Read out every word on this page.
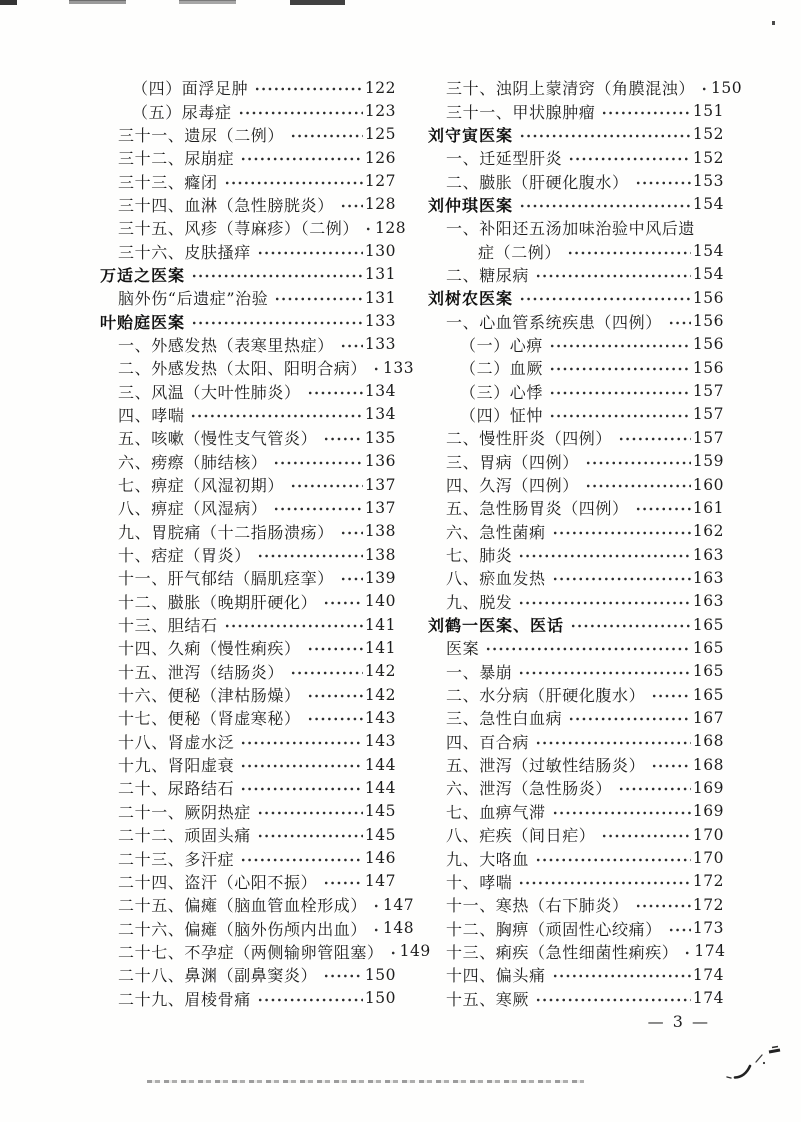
（四）面浮足肿	122
（五）尿毒症	123
三十一、遗尿（二例）	125
三十二、尿崩症	126
三十三、癃闭	127
三十四、血淋（急性膀胱炎） 128
三十五、风疹（荨麻疹）（二例） 128
三十六、皮肤搔痒	130
万适之医案	131
脑外伤“后遗症”治验	131
叶贻庭医案	133
一、外感发热（表寒里热症） 133
二、外感发热（太阳、阳明合病） 133
三、风温（大叶性肺炎）	134
四、哮喘	134
五、咳嗽（慢性支气管炎）	135
六、痨瘵（肺结核）	136
七、痹症（风湿初期）	137
八、痹症（风湿病）	137
九、胃脘痛（十二指肠溃疡） 138
十、痞症（胃炎）	138
十一、肝气郁结（膈肌痉挛） 139
十二、臌胀（晚期肝硬化）	140
十三、胆结石	141
十四、久痢（慢性痢疾）	141
十五、泄泻（结肠炎）	142
十六、便秘（津枯肠燥）	142
十七、便秘（肾虚寒秘）	143
十八、肾虚水泛	143
十九、肾阳虚衰	144
二十、尿路结石	144
二十一、厥阴热症	145
二十二、顽固头痛	145
二十三、多汗症	146
二十四、盗汗（心阳不振）	147
二十五、偏瘫（脑血管血栓形成） 147
二十六、偏瘫（脑外伤颅内出血） 148
二十七、不孕症（两侧输卵管阻塞） 149
二十八、鼻渊（副鼻窦炎）	150
二十九、眉棱骨痛	150
三十、浊阴上蒙清窍（角膜混浊） 150
三十一、甲状腺肿瘤	151
刘守寅医案	152
一、迁延型肝炎	152
二、臌胀（肝硬化腹水）	153
刘仲琪医案	154
一、补阳还五汤加味治验中风后遗
症（二例）	154
二、糖尿病	154
刘树农医案	156
一、心血管系统疾患（四例） 156
（一）心痹	156
（二）血厥	156
（三）心悸	157
（四）怔忡	157
二、慢性肝炎（四例）	157
三、胃病（四例）	159
四、久泻（四例）	160
五、急性肠胃炎（四例）	161
六、急性菌痢	162
七、肺炎	163
八、瘀血发热	163
九、脱发	163
刘鹤一医案、医话	165
医案	165
一、暴崩	165
二、水分病（肝硬化腹水）	165
三、急性白血病	167
四、百合病	168
五、泄泻（过敏性结肠炎）	168
六、泄泻（急性肠炎）	169
七、血痹气滞	169
八、疟疾（间日疟）	170
九、大咯血	170
十、哮喘	172
十一、寒热（右下肺炎）	172
十二、胸痹（顽固性心绞痛） 173
十三、痢疾（急性细菌性痢疾） 174
十四、偏头痛	174
十五、寒厥	174
— 3 —
